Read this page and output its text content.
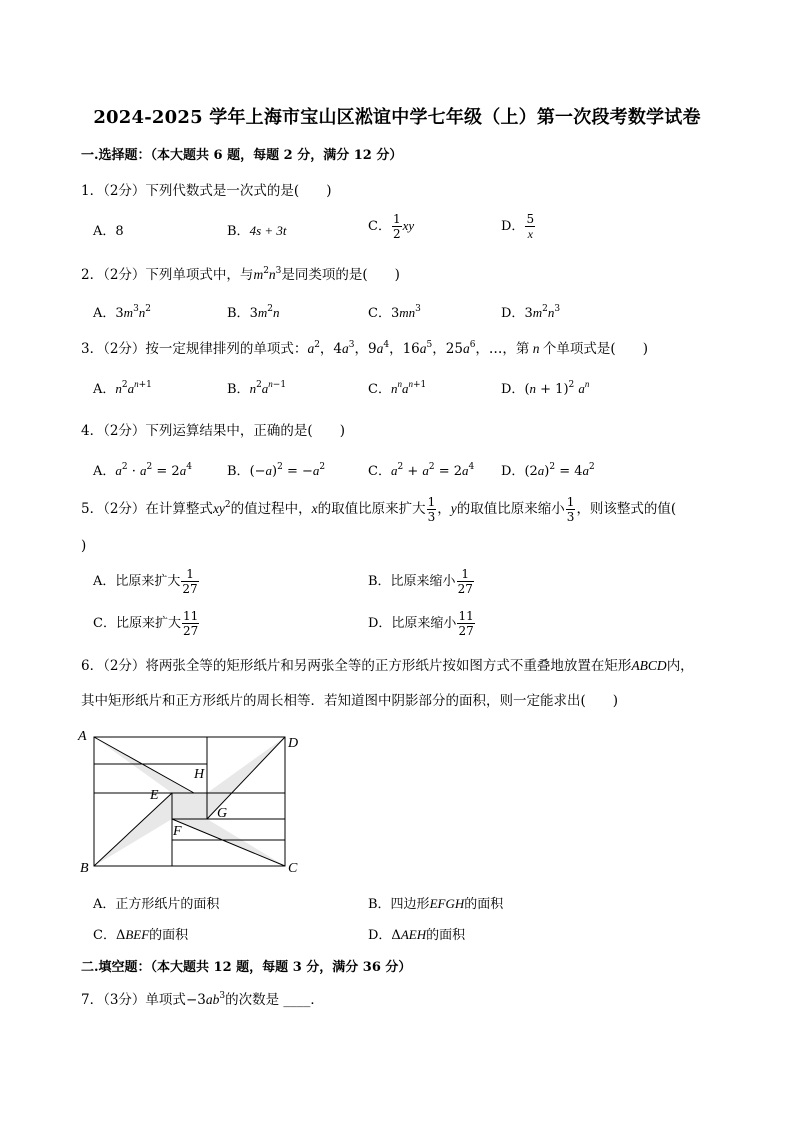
2024-2025 学年上海市宝山区淞谊中学七年级（上）第一次段考数学试卷
一.选择题：（本大题共 6 题，每题 2 分，满分 12 分）
1．（2分）下列代数式是一次式的是(　　)
A．8	B．4s + 3t	C． $\frac{1}{2}$ xy	D． $\frac{5}{x}$
2．（2分）下列单项式中，与$m^2n^3$是同类项的是(　　)
A．$3m^3n^2$	B．$3m^2n$	C．$3mn^3$	D．$3m^2n^3$
3．（2分）按一定规律排列的单项式：$a^2$，$4a^3$，$9a^4$，$16a^5$，$25a^6$，…，第 n 个单项式是(　　)
A．$n^2a^{n+1}$	B．$n^2a^{n-1}$	C．$n^na^{n+1}$	D．$(n + 1)^2$ $a^n$
4．（2分）下列运算结果中，正确的是(　　)
A．$a^2 \cdot a^2 = 2a^4$	B．$(-a)^2 = -a^2$	C．$a^2 + a^2 = 2a^4$ D．$(2a)^2 = 4a^2$
5．（2分）在计算整式$xy^2$的值过程中，x的取值比原来扩大 $\frac{1}{3}$ ，y的取值比原来缩小 $\frac{1}{3}$ ，则该整式的值(
)
A．比原来扩大 $\frac{1}{27}$	B．比原来缩小 $\frac{1}{27}$
C．比原来扩大 $\frac{11}{27}$	D．比原来缩小 $\frac{11}{27}$
6．（2分）将两张全等的矩形纸片和另两张全等的正方形纸片按如图方式不重叠地放置在矩形ABCD内，
其中矩形纸片和正方形纸片的周长相等．若知道图中阴影部分的面积，则一定能求出(　　)
A	D
H
E
G
F
B	C
A．正方形纸片的面积	B．四边形EFGH的面积
C．ΔBEF的面积	D．ΔAEH的面积
二.填空题：（本大题共 12 题，每题 3 分，满分 36 分）
7．（3分）单项式$-3ab^3$的次数是 ____．
